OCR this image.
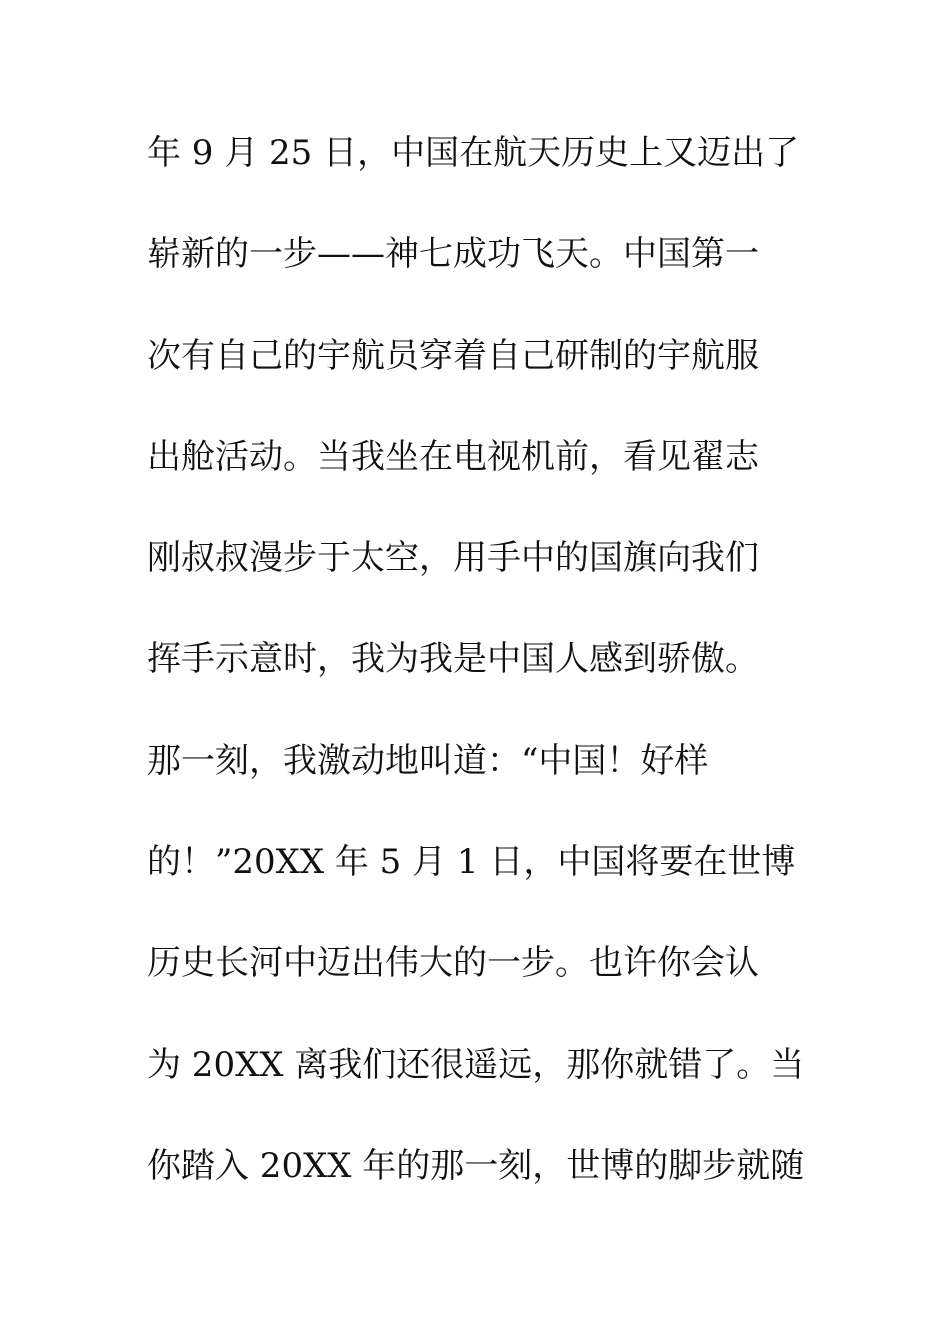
年 9 月 25 日，中国在航天历史上又迈出了
崭新的一步——神七成功飞天。中国第一
次有自己的宇航员穿着自己研制的宇航服
出舱活动。当我坐在电视机前，看见翟志
刚叔叔漫步于太空，用手中的国旗向我们
挥手示意时，我为我是中国人感到骄傲。
那一刻，我激动地叫道：“中国！好样
的！”20XX 年 5 月 1 日，中国将要在世博
历史长河中迈出伟大的一步。也许你会认
为 20XX 离我们还很遥远，那你就错了。当
你踏入 20XX 年的那一刻，世博的脚步就随
